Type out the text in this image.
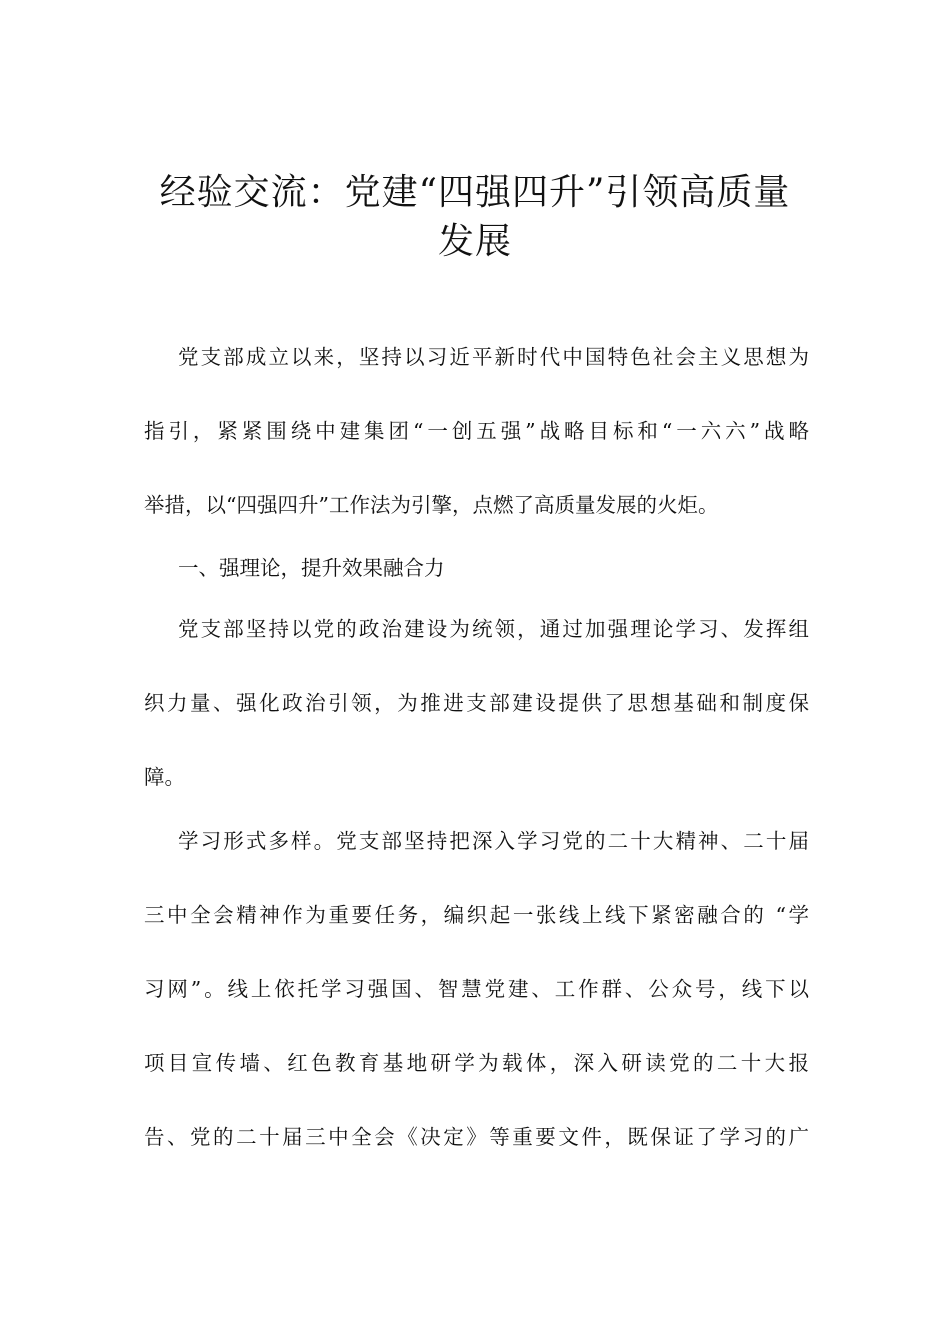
经验交流：党建“四强四升”引领高质量
发展

党支部成立以来，坚持以习近平新时代中国特色社会主义思想为

指引，紧紧围绕中建集团“一创五强”战略目标和“一六六”战略

举措，以“四强四升”工作法为引擎，点燃了高质量发展的火炬。

一、强理论，提升效果融合力

党支部坚持以党的政治建设为统领，通过加强理论学习、发挥组

织力量、强化政治引领，为推进支部建设提供了思想基础和制度保

障。

学习形式多样。党支部坚持把深入学习党的二十大精神、二十届

三中全会精神作为重要任务，编织起一张线上线下紧密融合的 “学

习网”。线上依托学习强国、智慧党建、工作群、公众号，线下以

项目宣传墙、红色教育基地研学为载体，深入研读党的二十大报

告、党的二十届三中全会《决定》等重要文件，既保证了学习的广
